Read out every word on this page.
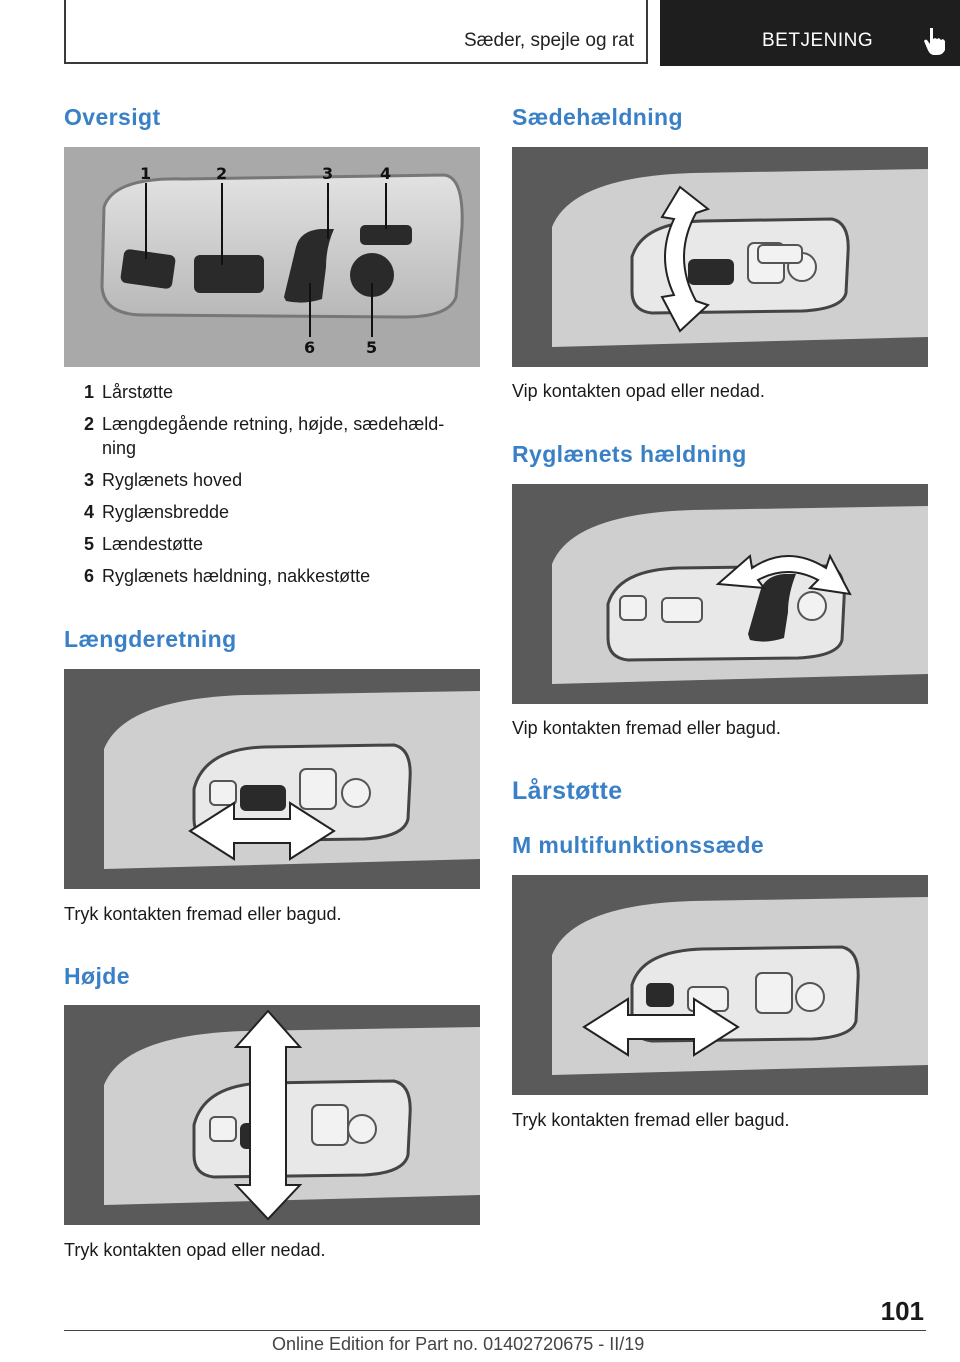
Sæder, spejle og rat	BETJENING
Oversigt
1	2	3	4
6	5
1 Lårstøtte
2 Længdegående retning, højde, sædehæld-ning
3 Ryglænets hoved
4 Ryglænsbredde
5 Lændestøtte
6 Ryglænets hældning, nakkestøtte
Længderetning
Tryk kontakten fremad eller bagud.
Højde
Tryk kontakten opad eller nedad.
Sædehældning
Vip kontakten opad eller nedad.
Ryglænets hældning
Vip kontakten fremad eller bagud.
Lårstøtte
M multifunktionssæde
Tryk kontakten fremad eller bagud.
101
Online Edition for Part no. 01402720675 - II/19
